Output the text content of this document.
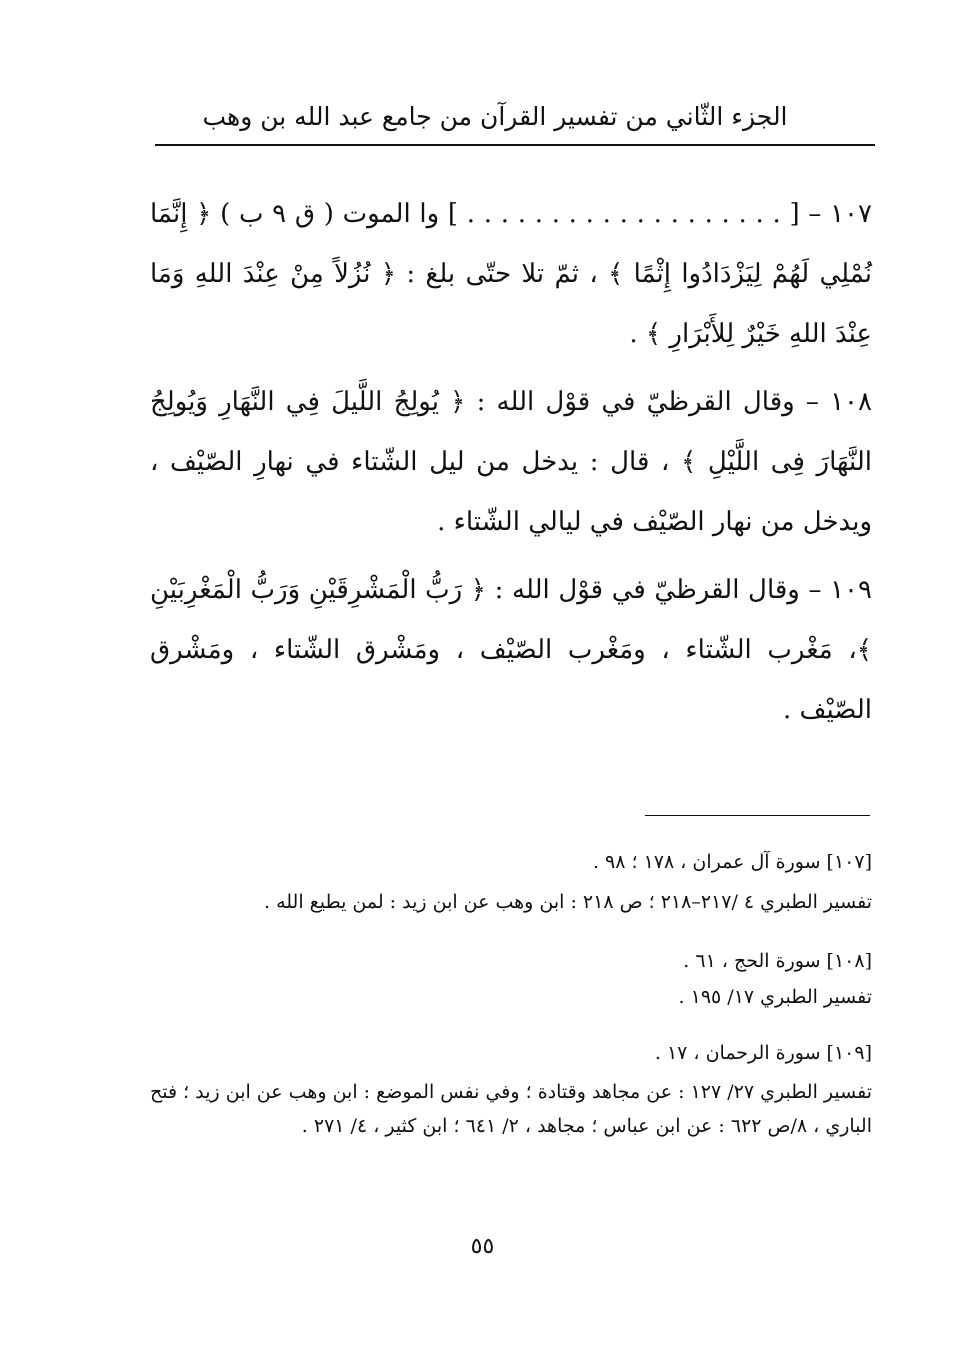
الجزء الثّاني من تفسير القرآن من جامع عبد الله بن وهب

١٠٧ – [ . . . . . . . . . . . . . . . . . . . ] وا الموت ( ق ٩ ب ) ﴿ إِنَّمَا نُمْلِي لَهُمْ لِيَزْدَادُوا إِثْمًا ﴾ ، ثمّ تلا حتّى بلغ : ﴿ نُزُلاً مِنْ عِنْدَ اللهِ وَمَا عِنْدَ اللهِ خَيْرٌ لِلأَبْرَارِ ﴾ .

١٠٨ – وقال القرظيّ في قوْل الله : ﴿ يُولِجُ اللَّيلَ فِي النَّهَارِ وَيُولِجُ النَّهَارَ فِى اللَّيْلِ ﴾ ، قال : يدخل من ليل الشّتاء في نهارِ الصّيْف ، ويدخل من نهار الصّيْف في ليالي الشّتاء .

١٠٩ – وقال القرظيّ في قوْل الله : ﴿ رَبُّ الْمَشْرِقَيْنِ وَرَبُّ الْمَغْرِبَيْنِ ﴾، مَغْرب الشّتاء ، ومَغْرب الصّيْف ، ومَشْرق الشّتاء ، ومَشْرق الصّيْف .

[١٠٧] سورة آل عمران ، ١٧٨ ؛ ٩٨ .

تفسير الطبري ٤ /٢١٧–٢١٨ ؛ ص ٢١٨ : ابن وهب عن ابن زيد : لمن يطيع الله .

[١٠٨] سورة الحج ، ٦١ .

تفسير الطبري ١٧/ ١٩٥ .

[١٠٩] سورة الرحمان ، ١٧ .

تفسير الطبري ٢٧/ ١٢٧ : عن مجاهد وقتادة ؛ وفي نفس الموضع : ابن وهب عن ابن زيد ؛ فتح الباري ، ٨/ص ٦٢٢ : عن ابن عباس ؛ مجاهد ، ٢/ ٦٤١ ؛ ابن كثير ، ٤/ ٢٧١ .

٥٥
